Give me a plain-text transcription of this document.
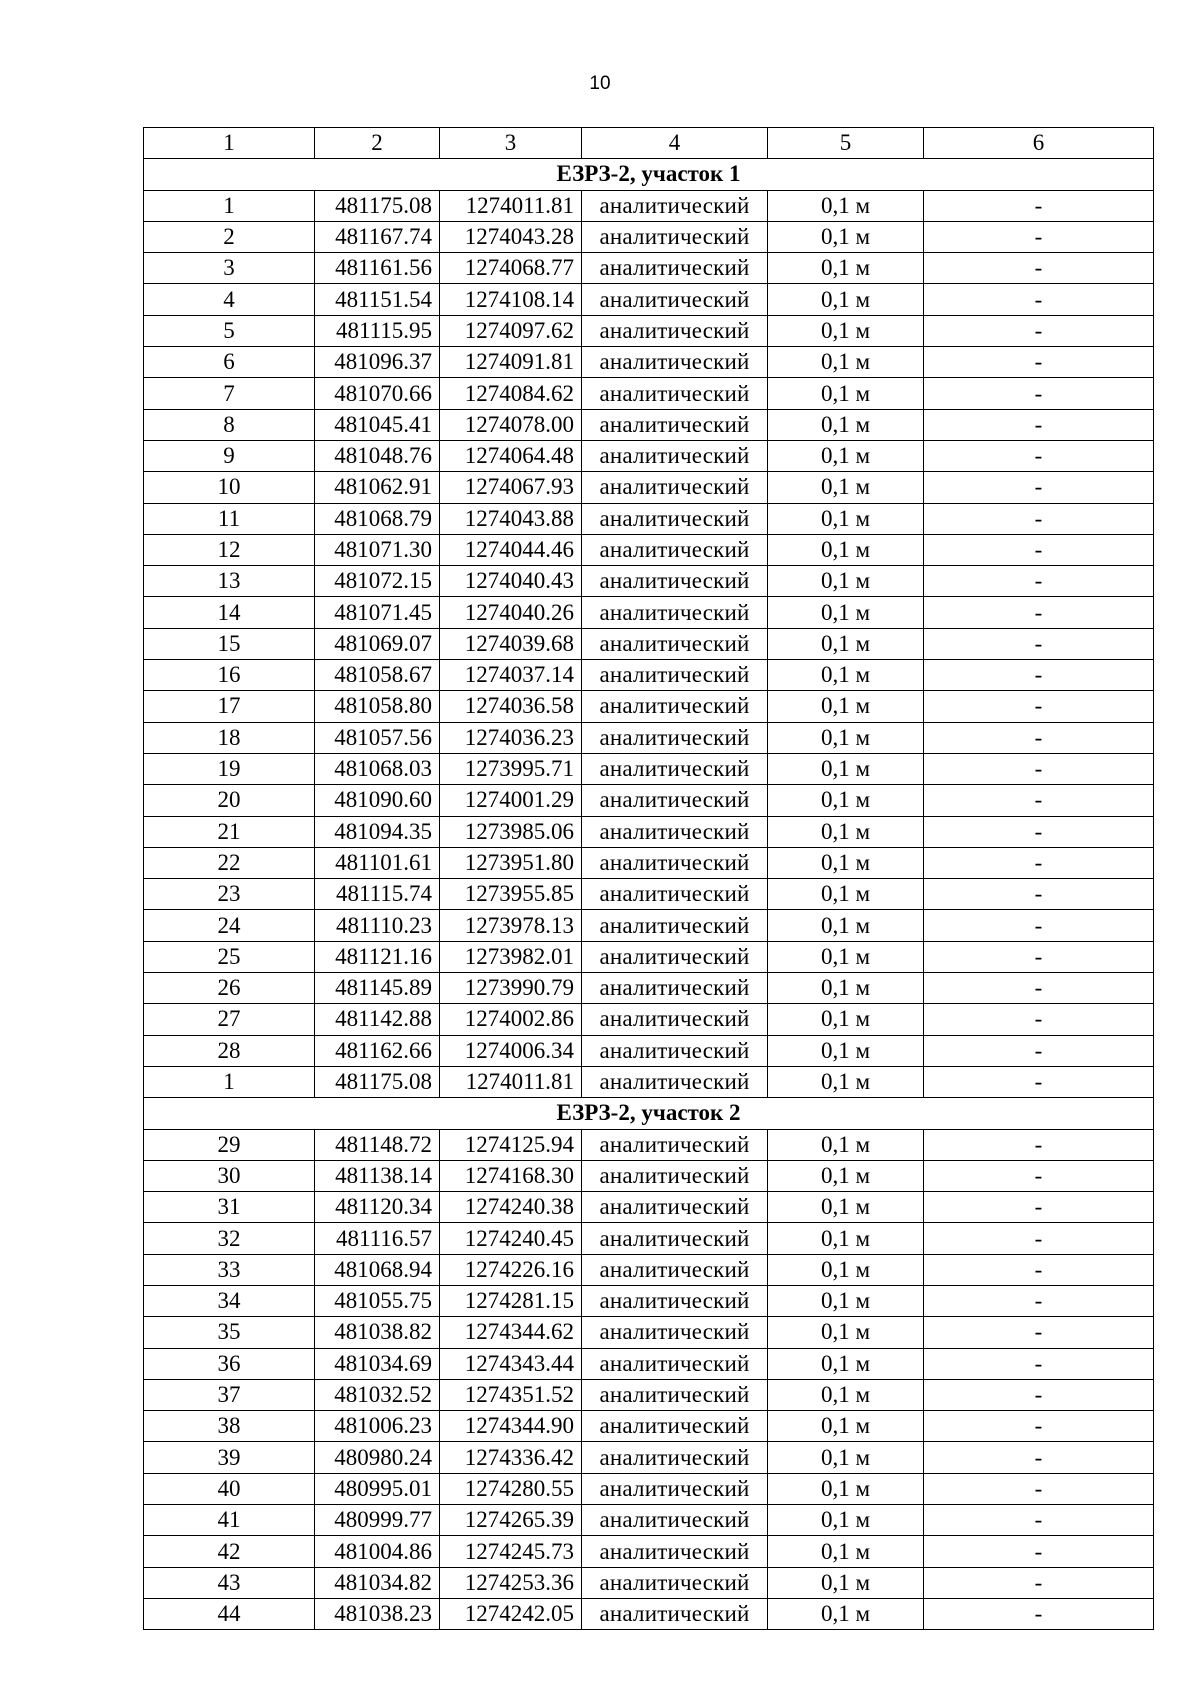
10
1	2	3	4	5	6
ЕЗРЗ-2, участок 1					
1	481175.08	1274011.81	аналитический	0,1 м	-
2	481167.74	1274043.28	аналитический	0,1 м	-
3	481161.56	1274068.77	аналитический	0,1 м	-
4	481151.54	1274108.14	аналитический	0,1 м	-
5	481115.95	1274097.62	аналитический	0,1 м	-
6	481096.37	1274091.81	аналитический	0,1 м	-
7	481070.66	1274084.62	аналитический	0,1 м	-
8	481045.41	1274078.00	аналитический	0,1 м	-
9	481048.76	1274064.48	аналитический	0,1 м	-
10	481062.91	1274067.93	аналитический	0,1 м	-
11	481068.79	1274043.88	аналитический	0,1 м	-
12	481071.30	1274044.46	аналитический	0,1 м	-
13	481072.15	1274040.43	аналитический	0,1 м	-
14	481071.45	1274040.26	аналитический	0,1 м	-
15	481069.07	1274039.68	аналитический	0,1 м	-
16	481058.67	1274037.14	аналитический	0,1 м	-
17	481058.80	1274036.58	аналитический	0,1 м	-
18	481057.56	1274036.23	аналитический	0,1 м	-
19	481068.03	1273995.71	аналитический	0,1 м	-
20	481090.60	1274001.29	аналитический	0,1 м	-
21	481094.35	1273985.06	аналитический	0,1 м	-
22	481101.61	1273951.80	аналитический	0,1 м	-
23	481115.74	1273955.85	аналитический	0,1 м	-
24	481110.23	1273978.13	аналитический	0,1 м	-
25	481121.16	1273982.01	аналитический	0,1 м	-
26	481145.89	1273990.79	аналитический	0,1 м	-
27	481142.88	1274002.86	аналитический	0,1 м	-
28	481162.66	1274006.34	аналитический	0,1 м	-
1	481175.08	1274011.81	аналитический	0,1 м	-
ЕЗРЗ-2, участок 2					
29	481148.72	1274125.94	аналитический	0,1 м	-
30	481138.14	1274168.30	аналитический	0,1 м	-
31	481120.34	1274240.38	аналитический	0,1 м	-
32	481116.57	1274240.45	аналитический	0,1 м	-
33	481068.94	1274226.16	аналитический	0,1 м	-
34	481055.75	1274281.15	аналитический	0,1 м	-
35	481038.82	1274344.62	аналитический	0,1 м	-
36	481034.69	1274343.44	аналитический	0,1 м	-
37	481032.52	1274351.52	аналитический	0,1 м	-
38	481006.23	1274344.90	аналитический	0,1 м	-
39	480980.24	1274336.42	аналитический	0,1 м	-
40	480995.01	1274280.55	аналитический	0,1 м	-
41	480999.77	1274265.39	аналитический	0,1 м	-
42	481004.86	1274245.73	аналитический	0,1 м	-
43	481034.82	1274253.36	аналитический	0,1 м	-
44	481038.23	1274242.05	аналитический	0,1 м	-
